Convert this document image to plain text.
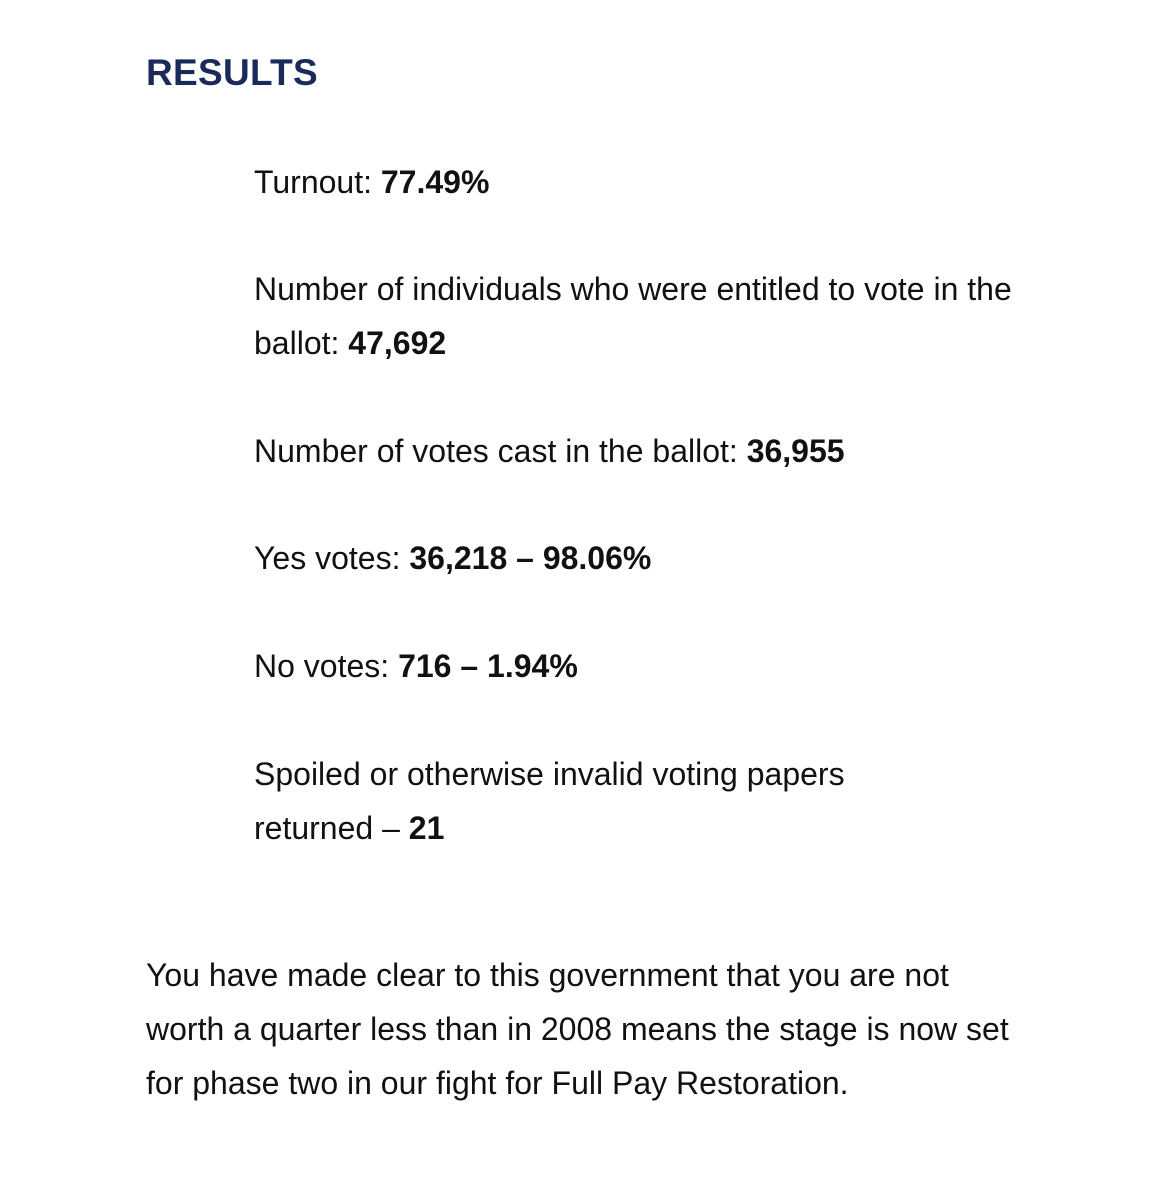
RESULTS
Turnout: 77.49%
Number of individuals who were entitled to vote in the ballot: 47,692
Number of votes cast in the ballot: 36,955
Yes votes: 36,218 – 98.06%
No votes: 716 – 1.94%
Spoiled or otherwise invalid voting papers returned – 21

You have made clear to this government that you are not worth a quarter less than in 2008 means the stage is now set for phase two in our fight for Full Pay Restoration.
